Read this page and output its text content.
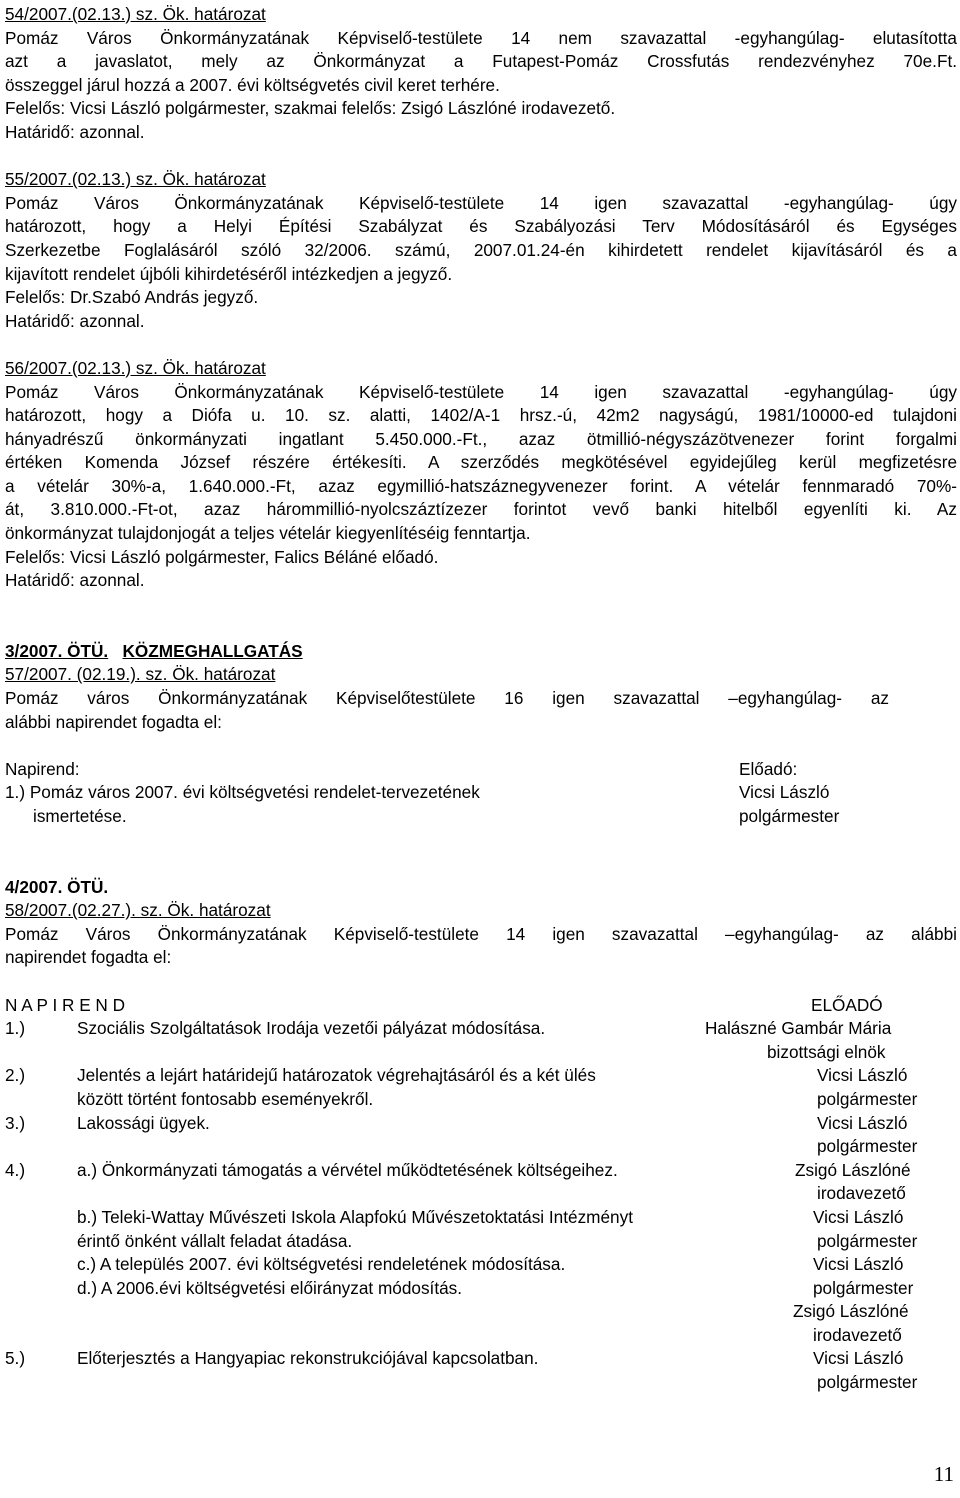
54/2007.(02.13.) sz. Ök. határozat
Pomáz Város Önkormányzatának Képviselő-testülete 14 nem szavazattal -egyhangúlag- elutasította
azt a javaslatot, mely az Önkormányzat a Futapest-Pomáz Crossfutás rendezvényhez 70e.Ft.
összeggel járul hozzá a 2007. évi költségvetés civil keret terhére.
Felelős: Vicsi László polgármester, szakmai felelős: Zsigó Lászlóné irodavezető.
Határidő: azonnal.
55/2007.(02.13.) sz. Ök. határozat
Pomáz Város Önkormányzatának Képviselő-testülete 14 igen szavazattal -egyhangúlag- úgy
határozott, hogy a Helyi Építési Szabályzat és Szabályozási Terv Módosításáról és Egységes
Szerkezetbe Foglalásáról szóló 32/2006. számú, 2007.01.24-én kihirdetett rendelet kijavításáról és a
kijavított rendelet újbóli kihirdetéséről intézkedjen a jegyző.
Felelős: Dr.Szabó András jegyző.
Határidő: azonnal.
56/2007.(02.13.) sz. Ök. határozat
Pomáz Város Önkormányzatának Képviselő-testülete 14 igen szavazattal -egyhangúlag- úgy
határozott, hogy a Diófa u. 10. sz. alatti, 1402/A-1 hrsz.-ú, 42m2 nagyságú, 1981/10000-ed tulajdoni
hányadrészű önkormányzati ingatlant 5.450.000.-Ft., azaz ötmillió-négyszázötvenezer forint forgalmi
értéken Komenda József részére értékesíti. A szerződés megkötésével egyidejűleg kerül megfizetésre
a vételár 30%-a, 1.640.000.-Ft, azaz egymillió-hatszáznegyvenezer forint. A vételár fennmaradó 70%-
át, 3.810.000.-Ft-ot, azaz hárommillió-nyolcszáztízezer forintot vevő banki hitelből egyenlíti ki. Az
önkormányzat tulajdonjogát a teljes vételár kiegyenlítéséig fenntartja.
Felelős: Vicsi László polgármester, Falics Béláné előadó.
Határidő: azonnal.
3/2007. ÖTÜ. KÖZMEGHALLGATÁS
57/2007. (02.19.). sz. Ök. határozat
Pomáz város Önkormányzatának Képviselőtestülete 16 igen szavazattal –egyhangúlag- az
alábbi napirendet fogadta el:
Napirend:	Előadó:
1.) Pomáz város 2007. évi költségvetési rendelet-tervezetének	Vicsi László
ismertetése.	polgármester
4/2007. ÖTÜ.
58/2007.(02.27.). sz. Ök. határozat
Pomáz Város Önkormányzatának Képviselő-testülete 14 igen szavazattal –egyhangúlag- az alábbi
napirendet fogadta el:
N A P I R E N D	ELŐADÓ
1.)	Szociális Szolgáltatások Irodája vezetői pályázat módosítása.	Halászné Gambár Mária
bizottsági elnök
2.)	Jelentés a lejárt határidejű határozatok végrehajtásáról és a két ülés	Vicsi László
között történt fontosabb eseményekről.	polgármester
3.)	Lakossági ügyek.	Vicsi László
polgármester
4.)	a.) Önkormányzati támogatás a vérvétel működtetésének költségeihez.	Zsigó Lászlóné
irodavezető
b.) Teleki-Wattay Művészeti Iskola Alapfokú Művészetoktatási Intézményt	Vicsi László
érintő önként vállalt feladat átadása.	polgármester
c.) A település 2007. évi költségvetési rendeletének módosítása.	Vicsi László
d.) A 2006.évi költségvetési előirányzat módosítás.	polgármester
Zsigó Lászlóné
irodavezető
5.)	Előterjesztés a Hangyapiac rekonstrukciójával kapcsolatban.	Vicsi László
polgármester
11
